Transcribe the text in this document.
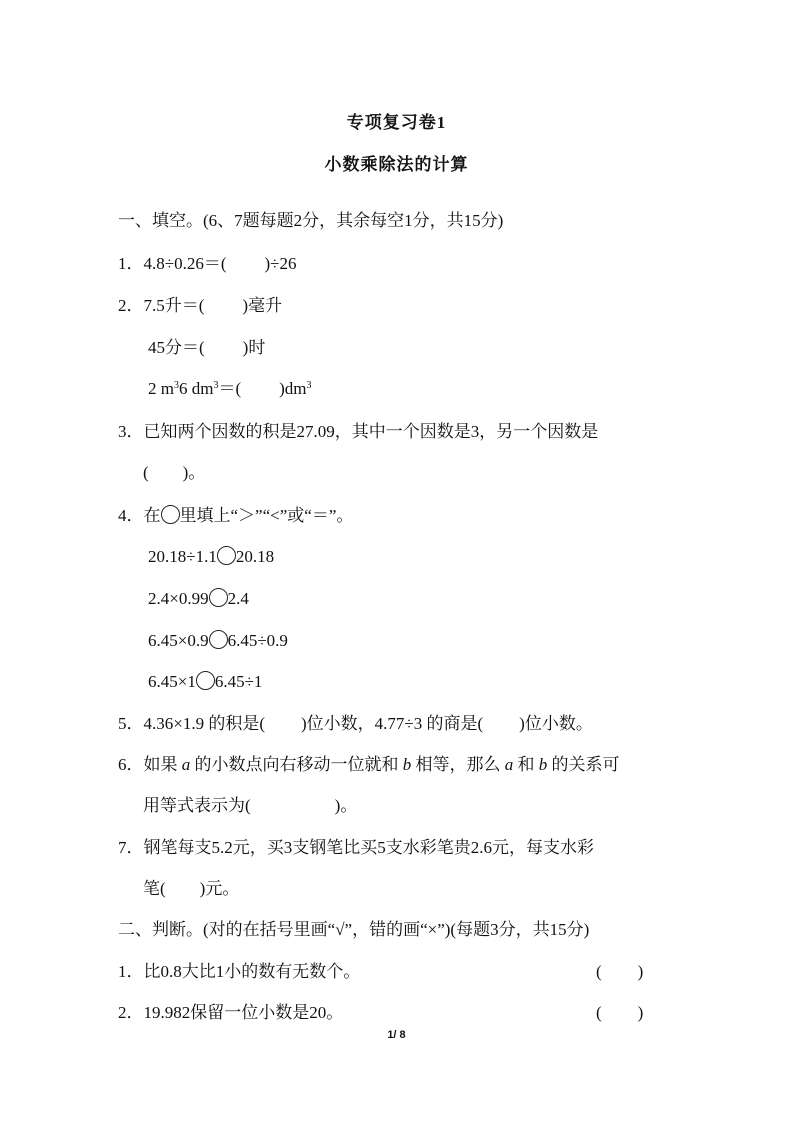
专项复习卷1
小数乘除法的计算
一、填空。(6、7题每题2分，其余每空1分，共15分)
1．4.8÷0.26＝( )÷26
2．7.5升＝( )毫升
45分＝( )时
2 $m^36$ $dm^3=$( )$dm^3$
3．已知两个因数的积是27.09，其中一个因数是3，另一个因数是
( )。
4．在 里填上“＞”“<”或“＝”。
20.18÷1.1 20.18
2.4×0.99 2.4
6.45×0.9 6.45÷0.9
6.45×1 6.45÷1
5．4.36×1.9 的积是( )位小数，4.77÷3 的商是( )位小数。
6．如果 a 的小数点向右移动一位就和 b 相等，那么 a 和 b 的关系可
用等式表示为(	)。
7．钢笔每支5.2元，买3支钢笔比买5支水彩笔贵2.6元，每支水彩
笔( )元。
二、判断。(对的在括号里画“√”，错的画“×”)(每题3分，共15分)
1．比0.8大比1小的数有无数个。	( )
2．19.982保留一位小数是20。	( )
1/ 8
